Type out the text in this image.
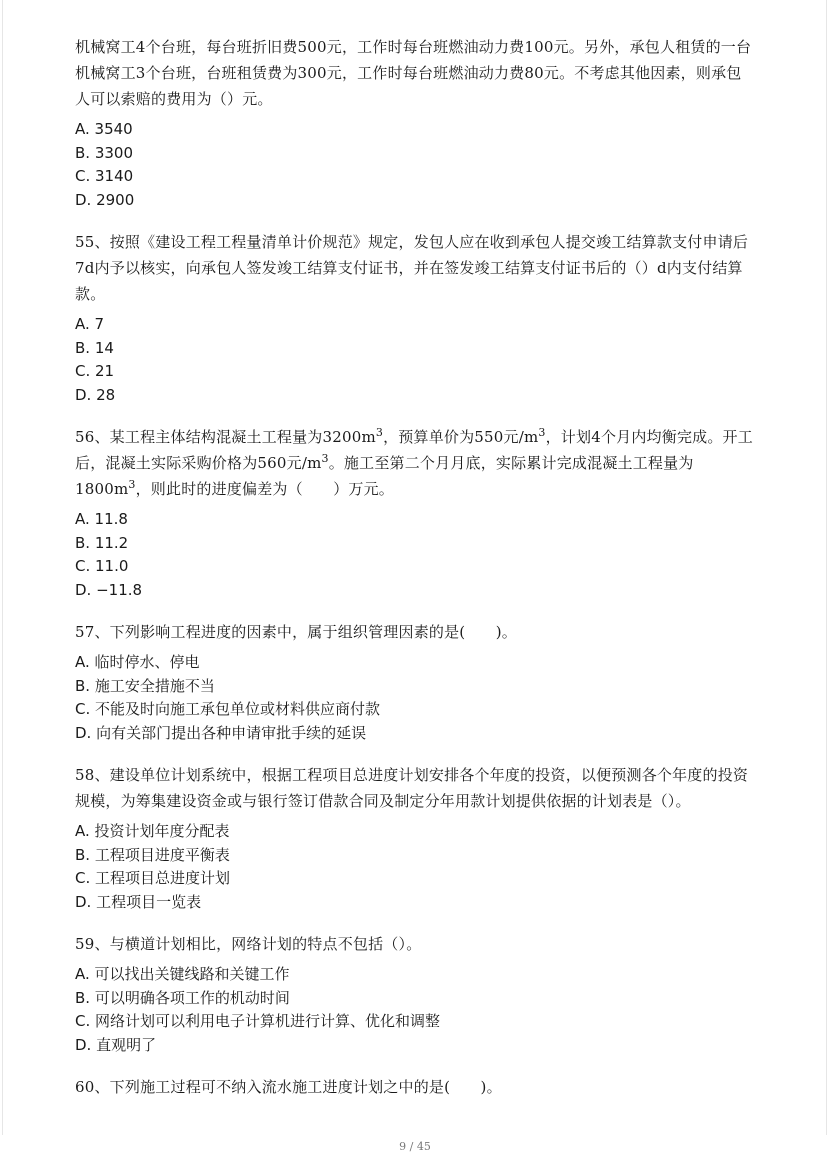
机械窝工4个台班，每台班折旧费500元，工作时每台班燃油动力费100元。另外，承包人租赁的一台机械窝工3个台班，台班租赁费为300元，工作时每台班燃油动力费80元。不考虑其他因素，则承包人可以索赔的费用为（）元。

A. 3540
B. 3300
C. 3140
D. 2900

55、按照《建设工程工程量清单计价规范》规定，发包人应在收到承包人提交竣工结算款支付申请后7d内予以核实，向承包人签发竣工结算支付证书，并在签发竣工结算支付证书后的（）d内支付结算款。

A. 7
B. 14
C. 21
D. 28

56、某工程主体结构混凝土工程量为$3200m^3$，预算单价为550元$/m^3$，计划4个月内均衡完成。开工后，混凝土实际采购价格为560元$/m^3$。施工至第二个月月底，实际累计完成混凝土工程量为$1800m^3$，则此时的进度偏差为（　　）万元。

A. 11.8
B. 11.2
C. 11.0
D. −11.8

57、下列影响工程进度的因素中，属于组织管理因素的是(　　)。

A. 临时停水、停电
B. 施工安全措施不当
C. 不能及时向施工承包单位或材料供应商付款
D. 向有关部门提出各种申请审批手续的延误

58、建设单位计划系统中，根据工程项目总进度计划安排各个年度的投资，以便预测各个年度的投资规模，为筹集建设资金或与银行签订借款合同及制定分年用款计划提供依据的计划表是（）。

A. 投资计划年度分配表
B. 工程项目进度平衡表
C. 工程项目总进度计划
D. 工程项目一览表

59、与横道计划相比，网络计划的特点不包括（）。

A. 可以找出关键线路和关键工作
B. 可以明确各项工作的机动时间
C. 网络计划可以利用电子计算机进行计算、优化和调整
D. 直观明了

60、下列施工过程可不纳入流水施工进度计划之中的是(　　)。

9 / 45
